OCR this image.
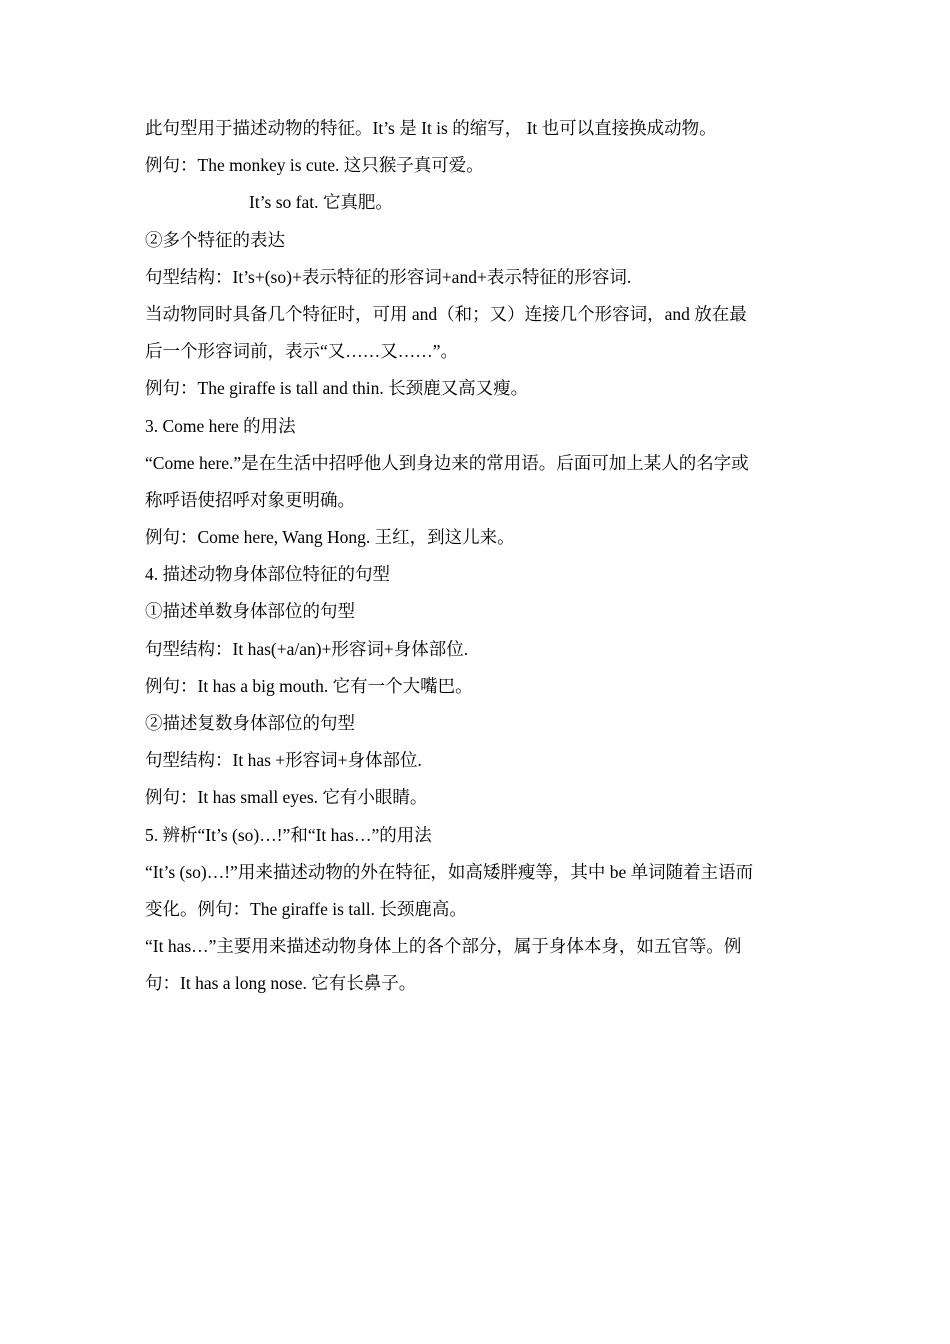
此句型用于描述动物的特征。It’s 是 It is 的缩写， It 也可以直接换成动物。
例句：The monkey is cute. 这只猴子真可爱。
It’s so fat. 它真肥。
②多个特征的表达
句型结构：It’s+(so)+表示特征的形容词+and+表示特征的形容词.
当动物同时具备几个特征时，可用 and（和；又）连接几个形容词，and 放在最
后一个形容词前，表示“又……又……”。
例句：The giraffe is tall and thin. 长颈鹿又高又瘦。
3. Come here 的用法
“Come here.”是在生活中招呼他人到身边来的常用语。后面可加上某人的名字或
称呼语使招呼对象更明确。
例句：Come here, Wang Hong. 王红，到这儿来。
4. 描述动物身体部位特征的句型
①描述单数身体部位的句型
句型结构：It has(+a/an)+形容词+身体部位.
例句：It has a big mouth. 它有一个大嘴巴。
②描述复数身体部位的句型
句型结构：It has +形容词+身体部位.
例句：It has small eyes. 它有小眼睛。
5. 辨析“It’s (so)…!”和“It has…”的用法
“It’s (so)…!”用来描述动物的外在特征，如高矮胖瘦等，其中 be 单词随着主语而
变化。例句：The giraffe is tall. 长颈鹿高。
“It has…”主要用来描述动物身体上的各个部分，属于身体本身，如五官等。例
句：It has a long nose. 它有长鼻子。
